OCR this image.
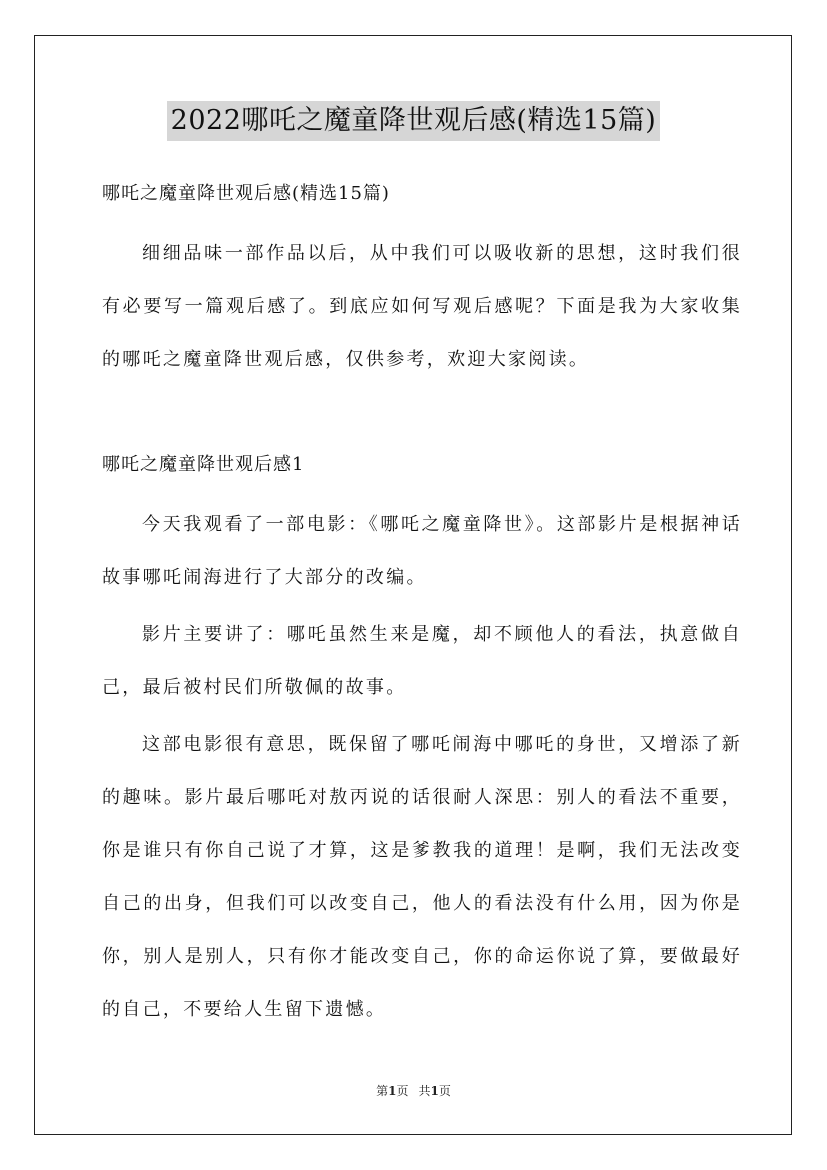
2022哪吒之魔童降世观后感(精选15篇)

哪吒之魔童降世观后感(精选15篇)

细细品味一部作品以后，从中我们可以吸收新的思想，这时我们很有必要写一篇观后感了。到底应如何写观后感呢？下面是我为大家收集的哪吒之魔童降世观后感，仅供参考，欢迎大家阅读。

哪吒之魔童降世观后感1

今天我观看了一部电影：《哪吒之魔童降世》。这部影片是根据神话故事哪吒闹海进行了大部分的改编。

影片主要讲了：哪吒虽然生来是魔，却不顾他人的看法，执意做自己，最后被村民们所敬佩的故事。

这部电影很有意思，既保留了哪吒闹海中哪吒的身世，又增添了新的趣味。影片最后哪吒对敖丙说的话很耐人深思：别人的看法不重要，你是谁只有你自己说了才算，这是爹教我的道理！是啊，我们无法改变自己的出身，但我们可以改变自己，他人的看法没有什么用，因为你是你，别人是别人，只有你才能改变自己，你的命运你说了算，要做最好的自己，不要给人生留下遗憾。

第1页 共1页
